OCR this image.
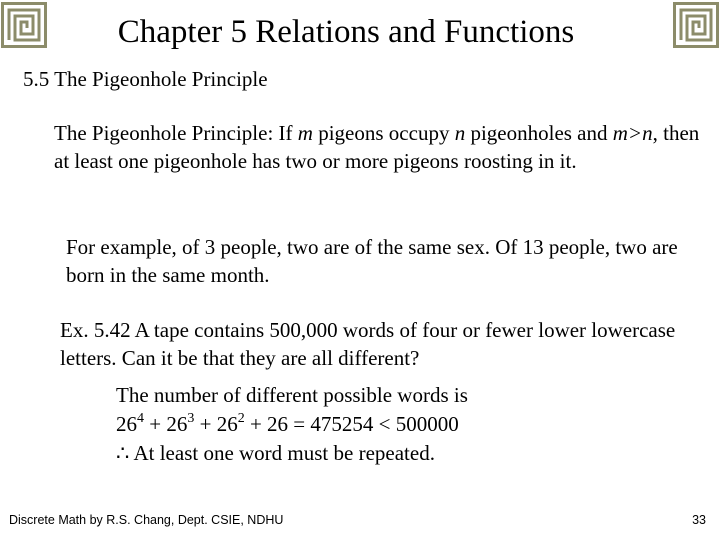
Chapter 5 Relations and Functions
5.5 The Pigeonhole Principle
The Pigeonhole Principle: If m pigeons occupy n pigeonholes and m>n, then at least one pigeonhole has two or more pigeons roosting in it.
For example, of 3 people, two are of the same sex. Of 13 people, two are born in the same month.
Ex. 5.42 A tape contains 500,000 words of four or fewer lower lowercase letters. Can it be that they are all different?
The number of different possible words is
$26^4 + 26^3 + 26^2 + 26 = 475254 < 500000$
∴ At least one word must be repeated.
Discrete Math by R.S. Chang, Dept. CSIE, NDHU	33
